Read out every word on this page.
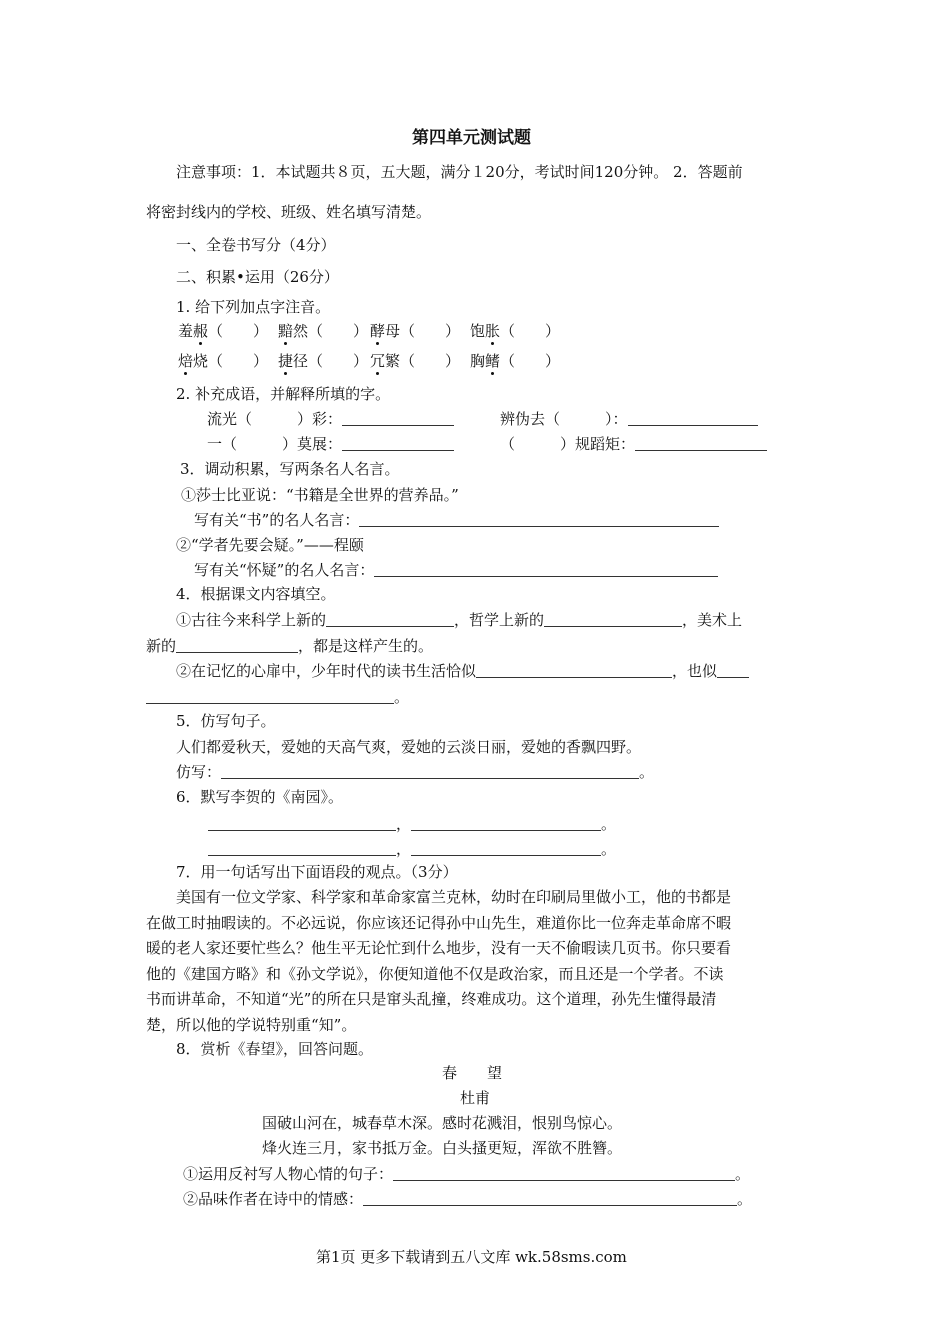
第四单元测试题
注意事项：1．本试题共８页，五大题，满分１20分，考试时间120分钟。 2．答题前
将密封线内的学校、班级、姓名填写清楚。
一、全卷书写分（4分）
二、积累•运用（26分）
1. 给下列加点字注音。
羞赧（　　） 黯然（　　） 酵母（　　） 饱胀（　　）
焙烧（　　） 捷径（　　） 冗繁（　　） 胸鳍（　　）
2. 补充成语，并解释所填的字。
流光（　　　）彩：	辨伪去（　　　）：
一（　　　）莫展：	（　　　）规蹈矩：
3．调动积累，写两条名人名言。
①莎士比亚说：“书籍是全世界的营养品。”
写有关“书”的名人名言：
②“学者先要会疑。”——程颐
写有关“怀疑”的名人名言：
4．根据课文内容填空。
①古往今来科学上新的	，哲学上新的	，美术上
新的	，都是这样产生的。
②在记忆的心扉中，少年时代的读书生活恰似	，也似
。
5．仿写句子。
人们都爱秋天，爱她的天高气爽，爱她的云淡日丽，爱她的香飘四野。
仿写：	。
6．默写李贺的《南园》。
，	。
，	。
7．用一句话写出下面语段的观点。（3分）
美国有一位文学家、科学家和革命家富兰克林，幼时在印刷局里做小工，他的书都是
在做工时抽暇读的。不必远说，你应该还记得孙中山先生，难道你比一位奔走革命席不暇
暖的老人家还要忙些么？他生平无论忙到什么地步，没有一天不偷暇读几页书。你只要看
他的《建国方略》和《孙文学说》，你便知道他不仅是政治家，而且还是一个学者。不读
书而讲革命，不知道“光”的所在只是窜头乱撞，终难成功。这个道理，孙先生懂得最清
楚，所以他的学说特别重“知”。
8．赏析《春望》，回答问题。
春　　望
杜甫
国破山河在，城春草木深。感时花溅泪，恨别鸟惊心。
烽火连三月，家书抵万金。白头搔更短，浑欲不胜簪。
①运用反衬写人物心情的句子：	。
②品味作者在诗中的情感：	。
第1页 更多下载请到五八文库 wk.58sms.com
